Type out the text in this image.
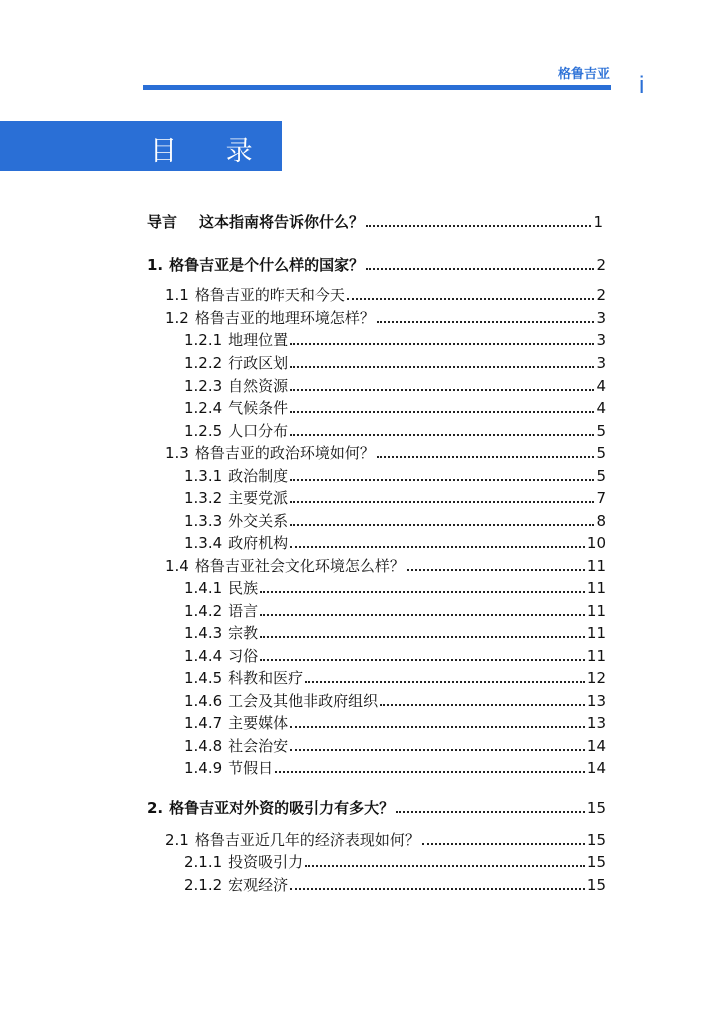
格鲁吉亚 i
目 录
导言	这本指南将告诉你什么？	1
1. 格鲁吉亚是个什么样的国家？	2
1.1 格鲁吉亚的昨天和今天	2
1.2 格鲁吉亚的地理环境怎样？	3
1.2.1 地理位置	3
1.2.2 行政区划	3
1.2.3 自然资源	4
1.2.4 气候条件	4
1.2.5 人口分布	5
1.3 格鲁吉亚的政治环境如何？	5
1.3.1 政治制度	5
1.3.2 主要党派	7
1.3.3 外交关系	8
1.3.4 政府机构	10
1.4 格鲁吉亚社会文化环境怎么样？	11
1.4.1 民族	11
1.4.2 语言	11
1.4.3 宗教	11
1.4.4 习俗	11
1.4.5 科教和医疗	12
1.4.6 工会及其他非政府组织	13
1.4.7 主要媒体	13
1.4.8 社会治安	14
1.4.9 节假日	14
2. 格鲁吉亚对外资的吸引力有多大？	15
2.1 格鲁吉亚近几年的经济表现如何？	15
2.1.1 投资吸引力	15
2.1.2 宏观经济	15
